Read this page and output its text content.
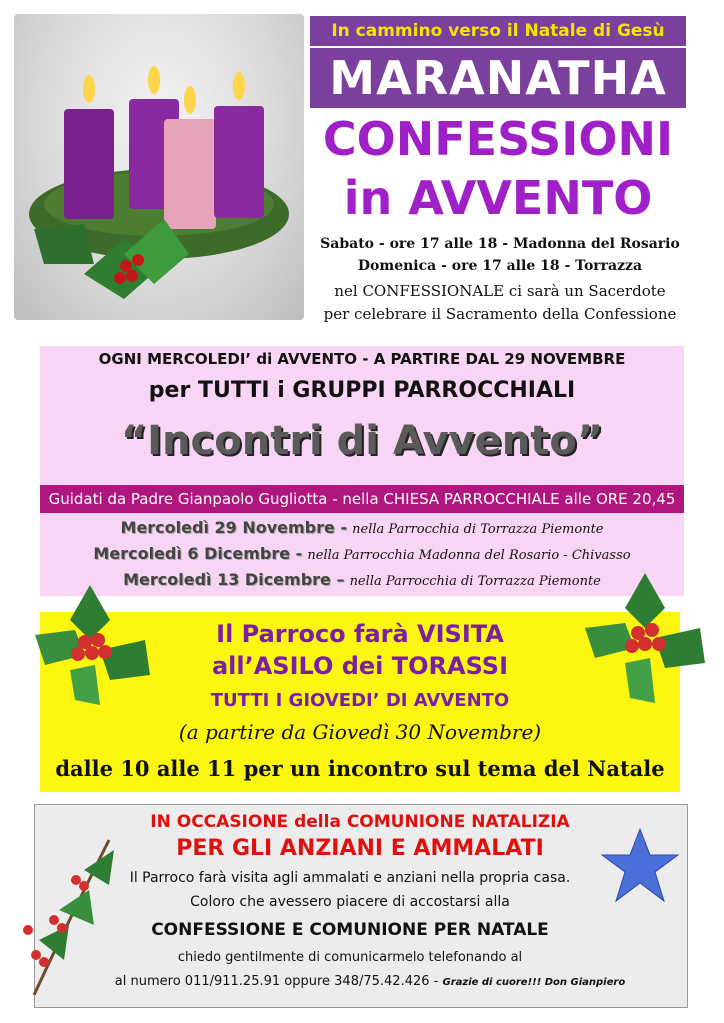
In cammino verso il Natale di Gesù
MARANATHA
CONFESSIONI
in AVVENTO
Sabato - ore 17 alle 18 - Madonna del Rosario
Domenica - ore 17 alle 18 - Torrazza
nel CONFESSIONALE ci sarà un Sacerdote
per celebrare il Sacramento della Confessione
OGNI MERCOLEDI’ di AVVENTO - A PARTIRE DAL 29 NOVEMBRE
per TUTTI i GRUPPI PARROCCHIALI
“Incontri di Avvento”
Guidati da Padre Gianpaolo Gugliotta - nella CHIESA PARROCCHIALE alle ORE 20,45
Mercoledì 29 Novembre - nella Parrocchia di Torrazza Piemonte
Mercoledì 6 Dicembre - nella Parrocchia Madonna del Rosario - Chivasso
Mercoledì 13 Dicembre – nella Parrocchia di Torrazza Piemonte
Il Parroco farà VISITA
all’ASILO dei TORASSI
TUTTI I GIOVEDI’ DI AVVENTO
(a partire da Giovedì 30 Novembre)
dalle 10 alle 11 per un incontro sul tema del Natale
IN OCCASIONE della COMUNIONE NATALIZIA
PER GLI ANZIANI E AMMALATI
Il Parroco farà visita agli ammalati e anziani nella propria casa.
Coloro che avessero piacere di accostarsi alla
CONFESSIONE E COMUNIONE PER NATALE
chiedo gentilmente di comunicarmelo telefonando al
al numero 011/911.25.91 oppure 348/75.42.426 - Grazie di cuore!!! Don Gianpiero
